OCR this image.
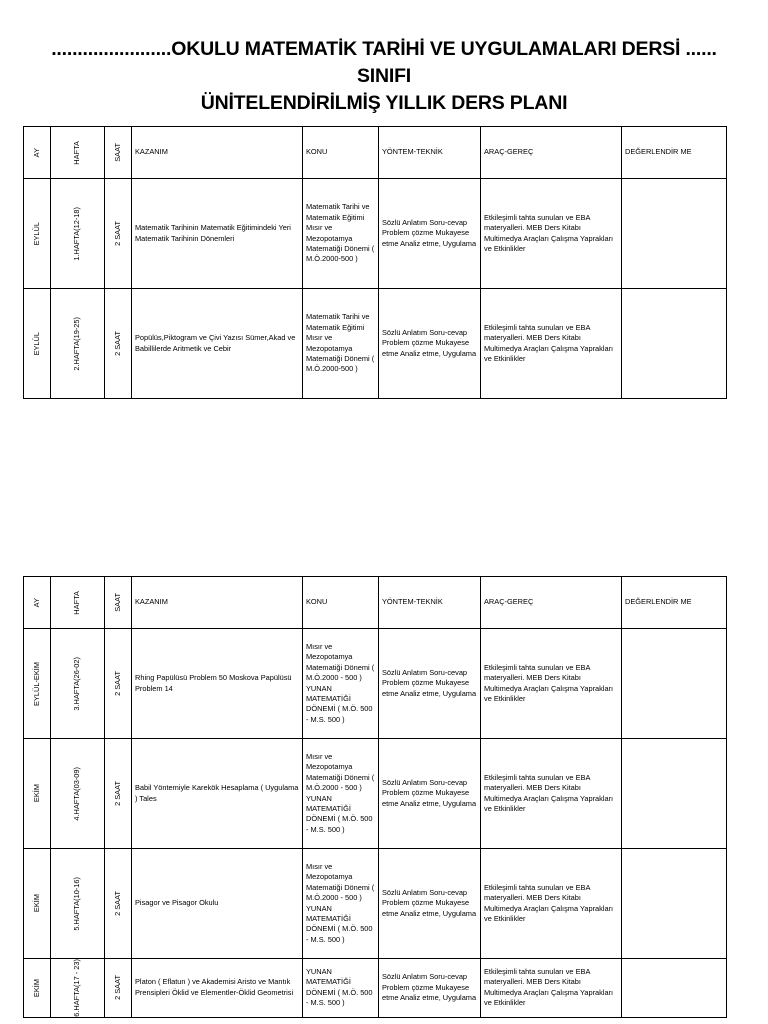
.......................OKULU MATEMATİK TARİHİ VE UYGULAMALARI DERSİ ......
SINIFI
ÜNİTELENDİRİLMİŞ YILLIK DERS PLANI
AY	HAFTA	SAAT	KAZANIM	KONU	YÖNTEM-TEKNİK	ARAÇ-GEREÇ	DEĞERLENDİR ME

EYLÜL	1.HAFTA(12-18)	2 SAAT	Matematik Tarihinin Matematik Eğitimindeki Yeri Matematik Tarihinin Dönemleri	Matematik Tarihi ve Matematik Eğitimi Mısır ve Mezopotamya Matematiği Dönemi ( M.Ö.2000-500 )	Sözlü Anlatım Soru-cevap Problem çözme Mukayese etme Analiz etme, Uygulama	Etkileşimli tahta sunuları ve EBA materyalleri. MEB Ders Kitabı Multimedya Araçları Çalışma Yaprakları ve Etkinlikler	

EYLÜL	2.HAFTA(19-25)	2 SAAT	Popülüs,Piktogram ve Çivi Yazısı Sümer,Akad ve Babillilerde Aritmetik ve Cebir	Matematik Tarihi ve Matematik Eğitimi Mısır ve Mezopotamya Matematiği Dönemi ( M.Ö.2000-500 )	Sözlü Anlatım Soru-cevap Problem çözme Mukayese etme Analiz etme, Uygulama	Etkileşimli tahta sunuları ve EBA materyalleri. MEB Ders Kitabı Multimedya Araçları Çalışma Yaprakları ve Etkinlikler	
AY	HAFTA	SAAT	KAZANIM	KONU	YÖNTEM-TEKNİK	ARAÇ-GEREÇ	DEĞERLENDİR ME

EYLÜL-EKİM	3.HAFTA(26-02)	2 SAAT	Rhing Papülüsü Problem 50 Moskova Papülüsü Problem 14	Mısır ve Mezopotamya Matematiği Dönemi ( M.Ö.2000 - 500 ) YUNAN MATEMATİĞİ DÖNEMİ ( M.Ö. 500 - M.S. 500 )	Sözlü Anlatım Soru-cevap Problem çözme Mukayese etme Analiz etme, Uygulama	Etkileşimli tahta sunuları ve EBA materyalleri. MEB Ders Kitabı Multimedya Araçları Çalışma Yaprakları ve Etkinlikler	

EKİM	4.HAFTA(03-09)	2 SAAT	Babil Yöntemiyle Karekök Hesaplama ( Uygulama ) Tales	Mısır ve Mezopotamya Matematiği Dönemi ( M.Ö.2000 - 500 ) YUNAN MATEMATİĞİ DÖNEMİ ( M.Ö. 500 - M.S. 500 )	Sözlü Anlatım Soru-cevap Problem çözme Mukayese etme Analiz etme, Uygulama	Etkileşimli tahta sunuları ve EBA materyalleri. MEB Ders Kitabı Multimedya Araçları Çalışma Yaprakları ve Etkinlikler	

EKİM	5.HAFTA(10-16)	2 SAAT	Pisagor ve Pisagor Okulu	Mısır ve Mezopotamya Matematiği Dönemi ( M.Ö.2000 - 500 ) YUNAN MATEMATİĞİ DÖNEMİ ( M.Ö. 500 - M.S. 500 )	Sözlü Anlatım Soru-cevap Problem çözme Mukayese etme Analiz etme, Uygulama	Etkileşimli tahta sunuları ve EBA materyalleri. MEB Ders Kitabı Multimedya Araçları Çalışma Yaprakları ve Etkinlikler	

EKİM	6.HAFTA(17 - 23)	2 SAAT	Platon ( Eflatun ) ve Akademisi Aristo ve Mantık Prensipleri Öklid ve Elementler-Öklid Geometrisi	YUNAN MATEMATİĞİ DÖNEMİ ( M.Ö. 500 - M.S. 500 )	Sözlü Anlatım Soru-cevap Problem çözme Mukayese etme Analiz etme, Uygulama	Etkileşimli tahta sunuları ve EBA materyalleri. MEB Ders Kitabı Multimedya Araçları Çalışma Yaprakları ve Etkinlikler	
